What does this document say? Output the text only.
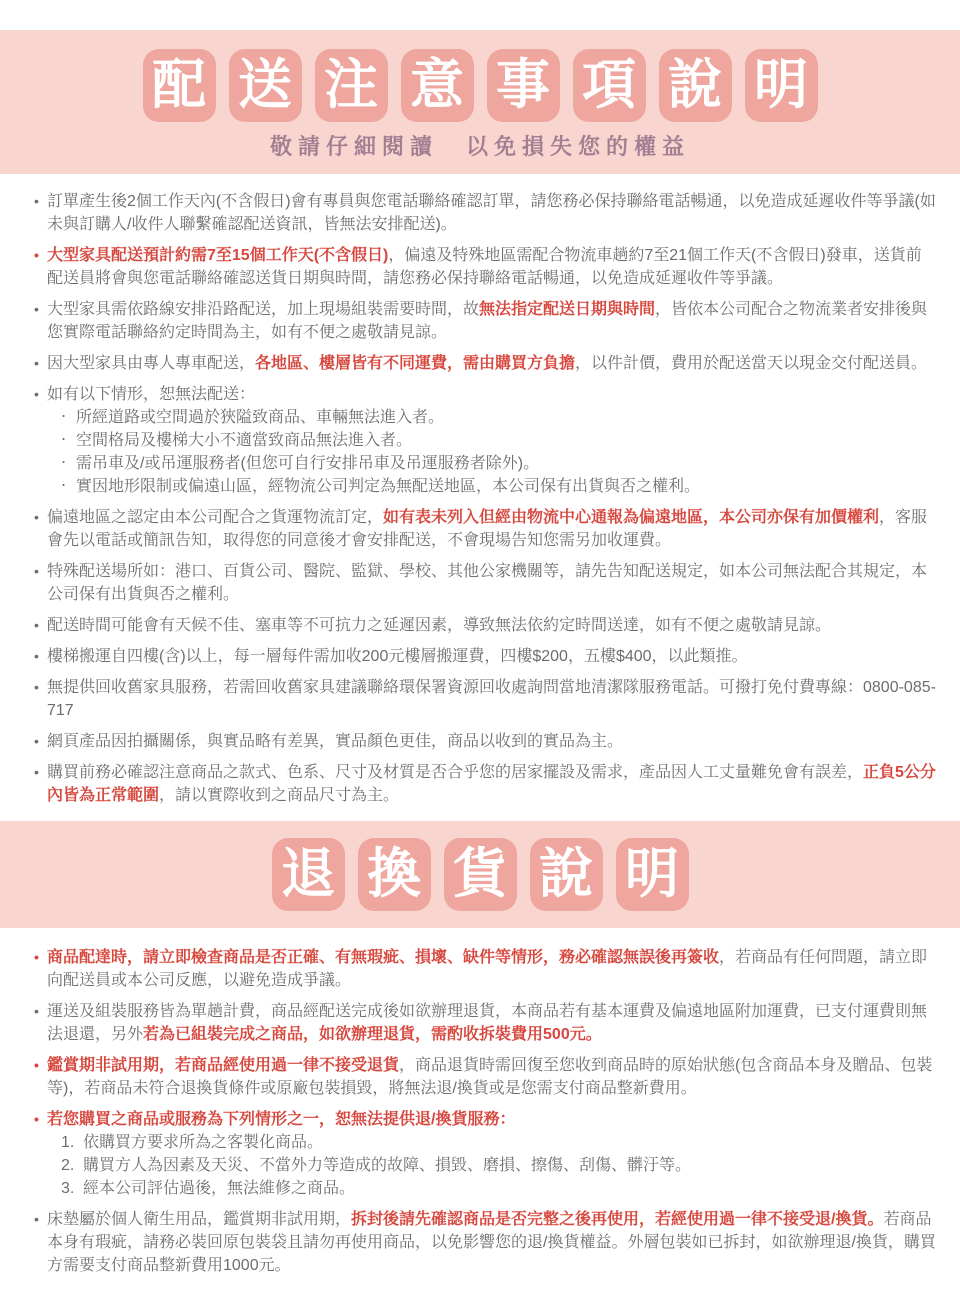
配 送 注 意 事 項 說 明
敬請仔細閱讀　以免損失您的權益
• 訂單產生後2個工作天內(不含假日)會有專員與您電話聯絡確認訂單，請您務必保持聯絡電話暢通，以免造成延遲收件等爭議(如未與訂購人/收件人聯繫確認配送資訊，皆無法安排配送)。
• 大型家具配送預計約需7至15個工作天(不含假日)，偏遠及特殊地區需配合物流車趟約7至21個工作天(不含假日)發車，送貨前配送員將會與您電話聯絡確認送貨日期與時間，請您務必保持聯絡電話暢通，以免造成延遲收件等爭議。
• 大型家具需依路線安排沿路配送，加上現場組裝需要時間，故無法指定配送日期與時間，皆依本公司配合之物流業者安排後與您實際電話聯絡約定時間為主，如有不便之處敬請見諒。
• 因大型家具由專人專車配送，各地區、樓層皆有不同運費，需由購買方負擔，以件計價，費用於配送當天以現金交付配送員。
• 如有以下情形，恕無法配送：
‧ 所經道路或空間過於狹隘致商品、車輛無法進入者。
‧ 空間格局及樓梯大小不適當致商品無法進入者。
‧ 需吊車及/或吊運服務者(但您可自行安排吊車及吊運服務者除外)。
‧ 實因地形限制或偏遠山區，經物流公司判定為無配送地區，本公司保有出貨與否之權利。
• 偏遠地區之認定由本公司配合之貨運物流訂定，如有表未列入但經由物流中心通報為偏遠地區，本公司亦保有加價權利，客服會先以電話或簡訊告知，取得您的同意後才會安排配送，不會現場告知您需另加收運費。
• 特殊配送場所如：港口、百貨公司、醫院、監獄、學校、其他公家機關等，請先告知配送規定，如本公司無法配合其規定，本公司保有出貨與否之權利。
• 配送時間可能會有天候不佳、塞車等不可抗力之延遲因素，導致無法依約定時間送達，如有不便之處敬請見諒。
• 樓梯搬運自四樓(含)以上，每一層每件需加收200元樓層搬運費，四樓$200，五樓$400，以此類推。
• 無提供回收舊家具服務，若需回收舊家具建議聯絡環保署資源回收處詢問當地清潔隊服務電話。可撥打免付費專線：0800-085-717
• 網頁產品因拍攝關係，與實品略有差異，實品顏色更佳，商品以收到的實品為主。
• 購買前務必確認注意商品之款式、色系、尺寸及材質是否合乎您的居家擺設及需求，產品因人工丈量難免會有誤差，正負5公分內皆為正常範圍，請以實際收到之商品尺寸為主。
退 換 貨 說 明
• 商品配達時，請立即檢查商品是否正確、有無瑕疵、損壞、缺件等情形，務必確認無誤後再簽收，若商品有任何問題，請立即向配送員或本公司反應，以避免造成爭議。
• 運送及組裝服務皆為單趟計費，商品經配送完成後如欲辦理退貨，本商品若有基本運費及偏遠地區附加運費，已支付運費則無法退還，另外若為已組裝完成之商品，如欲辦理退貨，需酌收拆裝費用500元。
• 鑑賞期非試用期，若商品經使用過一律不接受退貨，商品退貨時需回復至您收到商品時的原始狀態(包含商品本身及贈品、包裝等)，若商品未符合退換貨條件或原廠包裝損毀，將無法退/換貨或是您需支付商品整新費用。
• 若您購買之商品或服務為下列情形之一，恕無法提供退/換貨服務：
1. 依購買方要求所為之客製化商品。
2. 購買方人為因素及天災、不當外力等造成的故障、損毀、磨損、擦傷、刮傷、髒汙等。
3. 經本公司評估過後，無法維修之商品。
• 床墊屬於個人衛生用品，鑑賞期非試用期，拆封後請先確認商品是否完整之後再使用，若經使用過一律不接受退/換貨。若商品本身有瑕疵，請務必裝回原包裝袋且請勿再使用商品，以免影響您的退/換貨權益。外層包裝如已拆封，如欲辦理退/換貨，購買方需要支付商品整新費用1000元。
